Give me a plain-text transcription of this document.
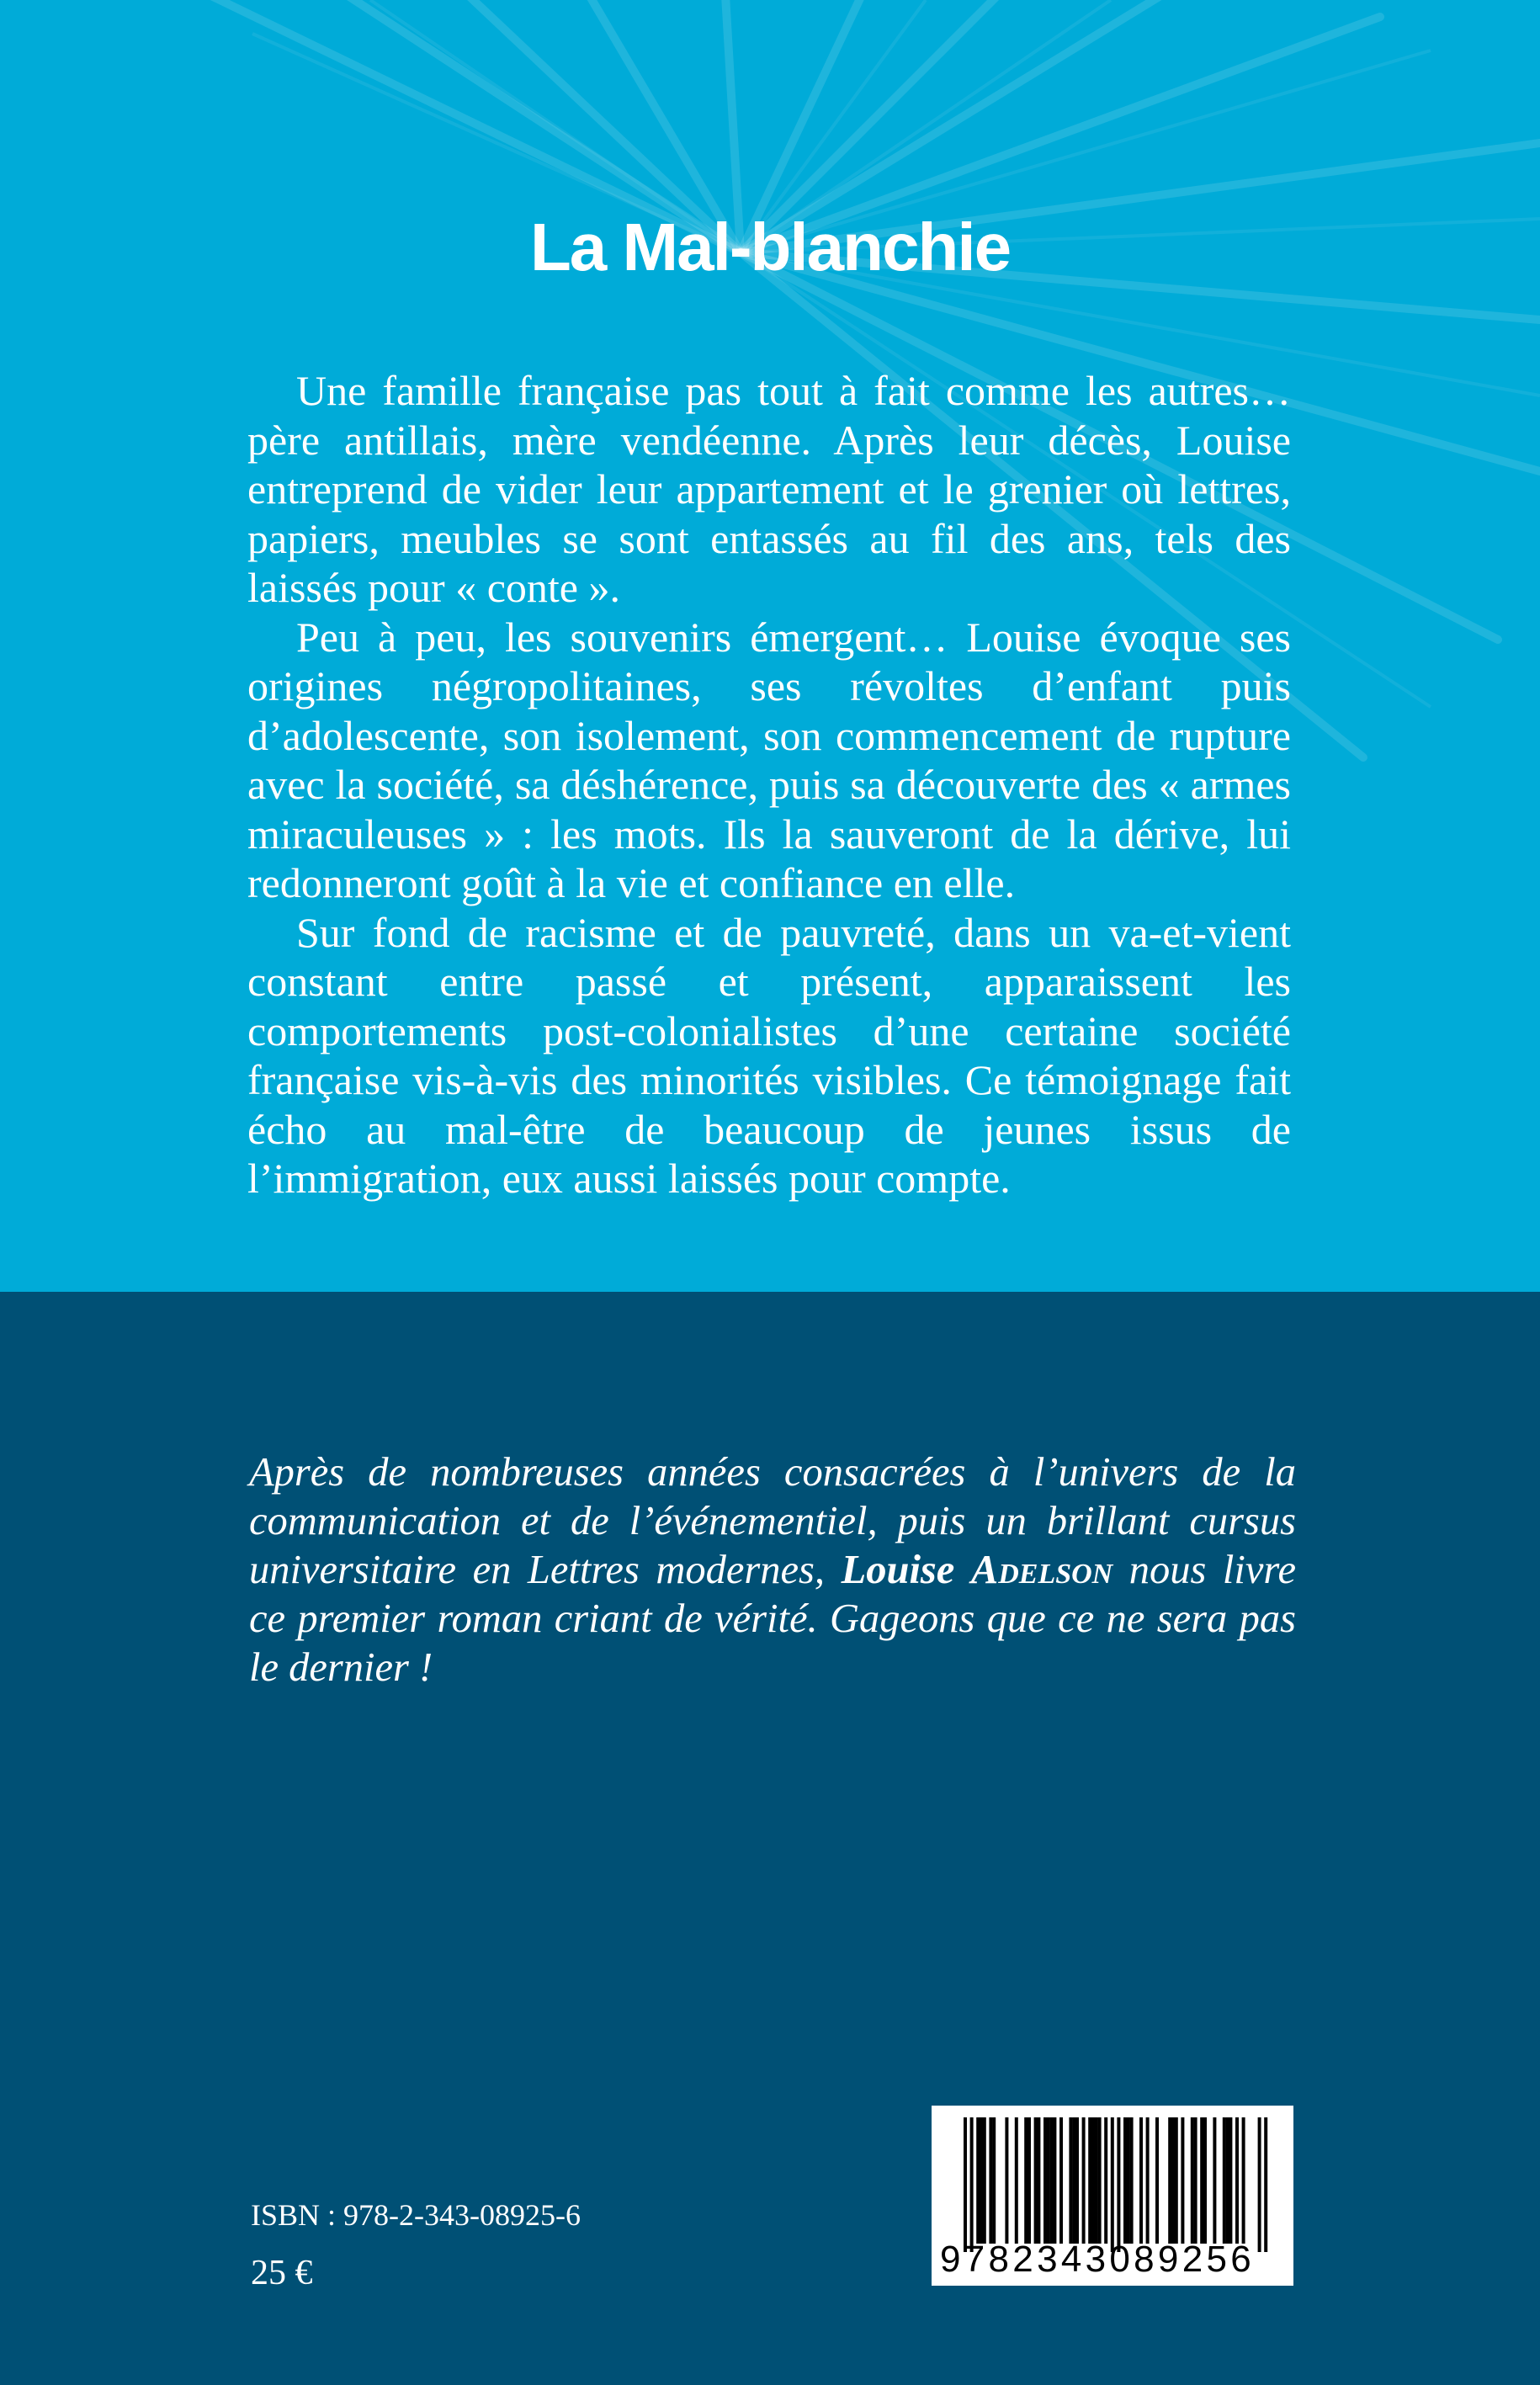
La Mal-blanchie

Une famille française pas tout à fait comme les autres… père antillais, mère vendéenne. Après leur décès, Louise entreprend de vider leur appartement et le grenier où lettres, papiers, meubles se sont entassés au fil des ans, tels des laissés pour « conte ».

Peu à peu, les souvenirs émergent… Louise évoque ses origines négropolitaines, ses révoltes d’enfant puis d’adolescente, son isolement, son commencement de rupture avec la société, sa déshérence, puis sa découverte des « armes miraculeuses » : les mots. Ils la sauveront de la dérive, lui redonneront goût à la vie et confiance en elle.

Sur fond de racisme et de pauvreté, dans un va-et-vient constant entre passé et présent, apparaissent les comportements post-colonialistes d’une certaine société française vis-à-vis des minorités visibles. Ce témoignage fait écho au mal-être de beaucoup de jeunes issus de l’immigration, eux aussi laissés pour compte.

Après de nombreuses années consacrées à l’univers de la communication et de l’événementiel, puis un brillant cursus universitaire en Lettres modernes, Louise Adelson nous livre ce premier roman criant de vérité. Gageons que ce ne sera pas le dernier !

ISBN : 978-2-343-08925-6
25 €	9782343089256
